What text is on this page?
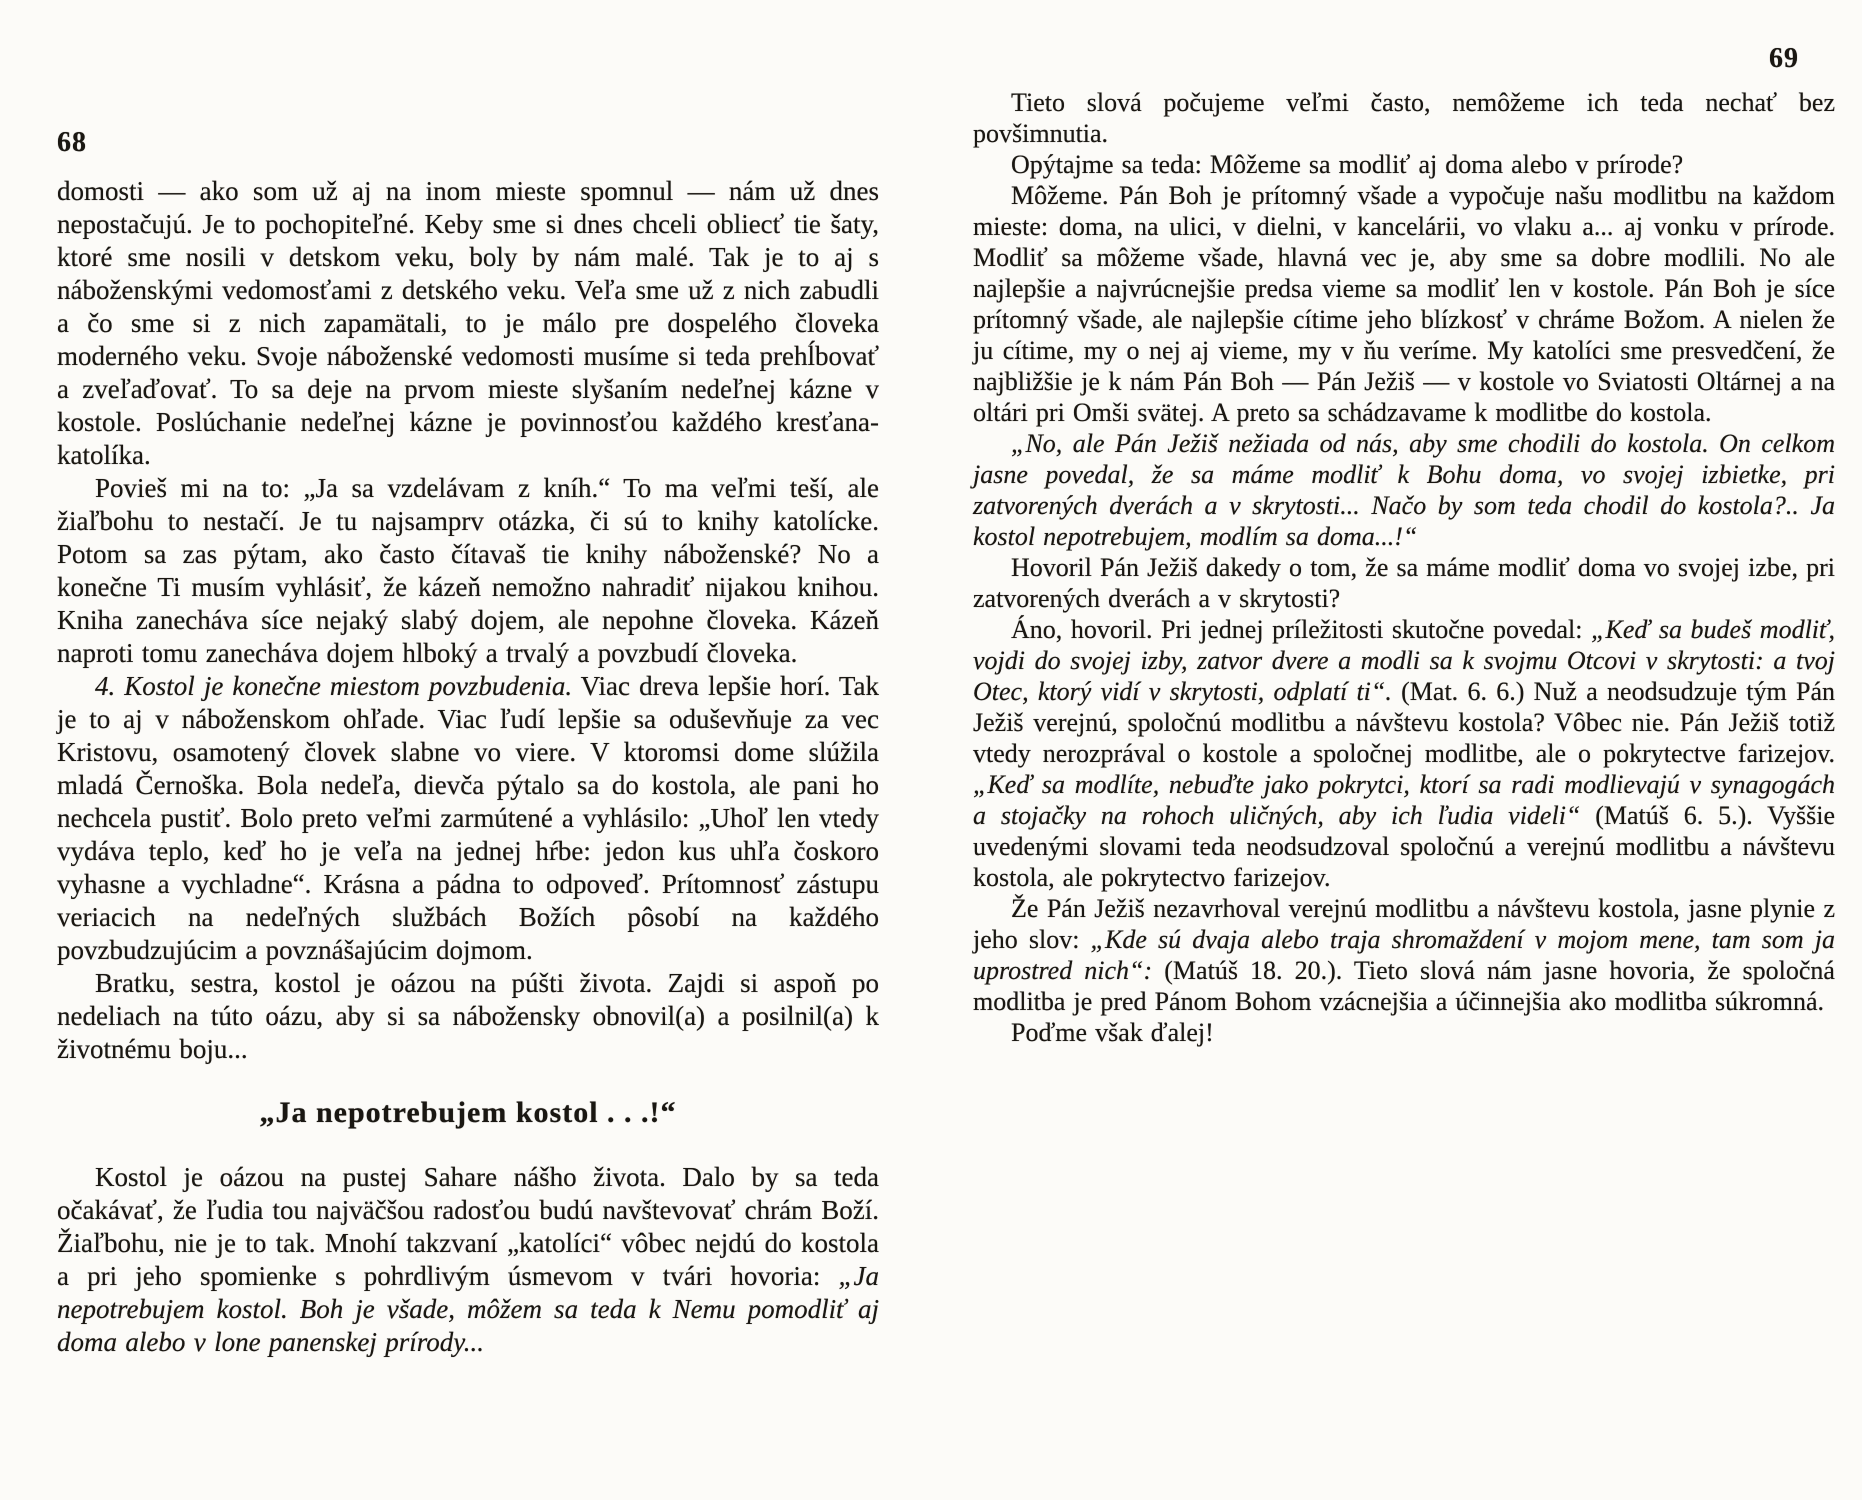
68

domosti — ako som už aj na inom mieste spomnul — nám už dnes nepostačujú. Je to pochopiteľné. Keby sme si dnes chceli obliecť tie šaty, ktoré sme nosili v detskom veku, boly by nám malé. Tak je to aj s náboženskými vedomosťami z detského veku. Veľa sme už z nich zabudli a čo sme si z nich zapamätali, to je málo pre dospelého človeka moderného veku. Svoje náboženské vedomosti musíme si teda prehĺbovať a zveľaďovať. To sa deje na prvom mieste slyšaním nedeľnej kázne v kostole. Poslúchanie nedeľnej kázne je povinnosťou každého kresťana-katolíka.

Povieš mi na to: „Ja sa vzdelávam z kníh.“ To ma veľmi teší, ale žiaľbohu to nestačí. Je tu najsamprv otázka, či sú to knihy katolícke. Potom sa zas pýtam, ako často čítavaš tie knihy náboženské? No a konečne Ti musím vyhlásiť, že kázeň nemožno nahradiť nijakou knihou. Kniha zanecháva síce nejaký slabý dojem, ale nepohne človeka. Kázeň naproti tomu zanecháva dojem hlboký a trvalý a povzbudí človeka.

4. Kostol je konečne miestom povzbudenia. Viac dreva lepšie horí. Tak je to aj v náboženskom ohľade. Viac ľudí lepšie sa oduševňuje za vec Kristovu, osamotený človek slabne vo viere. V ktoromsi dome slúžila mladá Černoška. Bola nedeľa, dievča pýtalo sa do kostola, ale pani ho nechcela pustiť. Bolo preto veľmi zarmútené a vyhlásilo: „Uhoľ len vtedy vydáva teplo, keď ho je veľa na jednej hŕbe: jedon kus uhľa čoskoro vyhasne a vychladne“. Krásna a pádna to odpoveď. Prítomnosť zástupu veriacich na nedeľných službách Božích pôsobí na každého povzbudzujúcim a povznášajúcim dojmom.

Bratku, sestra, kostol je oázou na púšti života. Zajdi si aspoň po nedeliach na túto oázu, aby si sa nábožensky obnovil(a) a posilnil(a) k životnému boju...

„Ja nepotrebujem kostol . . .!“

Kostol je oázou na pustej Sahare nášho života. Dalo by sa teda očakávať, že ľudia tou najväčšou radosťou budú navštevovať chrám Boží. Žiaľbohu, nie je to tak. Mnohí takzvaní „katolíci“ vôbec nejdú do kostola a pri jeho spomienke s pohrdlivým úsmevom v tvári hovoria: „Ja nepotrebujem kostol. Boh je všade, môžem sa teda k Nemu pomodliť aj doma alebo v lone panenskej prírody...

69

Tieto slová počujeme veľmi často, nemôžeme ich teda nechať bez povšimnutia.

Opýtajme sa teda: Môžeme sa modliť aj doma alebo v prírode?

Môžeme. Pán Boh je prítomný všade a vypočuje našu modlitbu na každom mieste: doma, na ulici, v dielni, v kancelárii, vo vlaku a... aj vonku v prírode. Modliť sa môžeme všade, hlavná vec je, aby sme sa dobre modlili. No ale najlepšie a najvrúcnejšie predsa vieme sa modliť len v kostole. Pán Boh je síce prítomný všade, ale najlepšie cítime jeho blízkosť v chráme Božom. A nielen že ju cítime, my o nej aj vieme, my v ňu veríme. My katolíci sme presvedčení, že najbližšie je k nám Pán Boh — Pán Ježiš — v kostole vo Sviatosti Oltárnej a na oltári pri Omši svätej. A preto sa schádzavame k modlitbe do kostola.

„No, ale Pán Ježiš nežiada od nás, aby sme chodili do kostola. On celkom jasne povedal, že sa máme modliť k Bohu doma, vo svojej izbietke, pri zatvorených dverách a v skrytosti... Načo by som teda chodil do kostola?.. Ja kostol nepotrebujem, modlím sa doma...!“

Hovoril Pán Ježiš dakedy o tom, že sa máme modliť doma vo svojej izbe, pri zatvorených dverách a v skrytosti?

Áno, hovoril. Pri jednej príležitosti skutočne povedal: „Keď sa budeš modliť, vojdi do svojej izby, zatvor dvere a modli sa k svojmu Otcovi v skrytosti: a tvoj Otec, ktorý vidí v skrytosti, odplatí ti“. (Mat. 6. 6.) Nuž a neodsudzuje tým Pán Ježiš verejnú, spoločnú modlitbu a návštevu kostola? Vôbec nie. Pán Ježiš totiž vtedy nerozprával o kostole a spoločnej modlitbe, ale o pokrytectve farizejov. „Keď sa modlíte, nebuďte jako pokrytci, ktorí sa radi modlievajú v synagogách a stojačky na rohoch uličných, aby ich ľudia videli“ (Matúš 6. 5.). Vyššie uvedenými slovami teda neodsudzoval spoločnú a verejnú modlitbu a návštevu kostola, ale pokrytectvo farizejov.

Že Pán Ježiš nezavrhoval verejnú modlitbu a návštevu kostola, jasne plynie z jeho slov: „Kde sú dvaja alebo traja shromaždení v mojom mene, tam som ja uprostred nich“: (Matúš 18. 20.). Tieto slová nám jasne hovoria, že spoločná modlitba je pred Pánom Bohom vzácnejšia a účinnejšia ako modlitba súkromná.

Poďme však ďalej!
